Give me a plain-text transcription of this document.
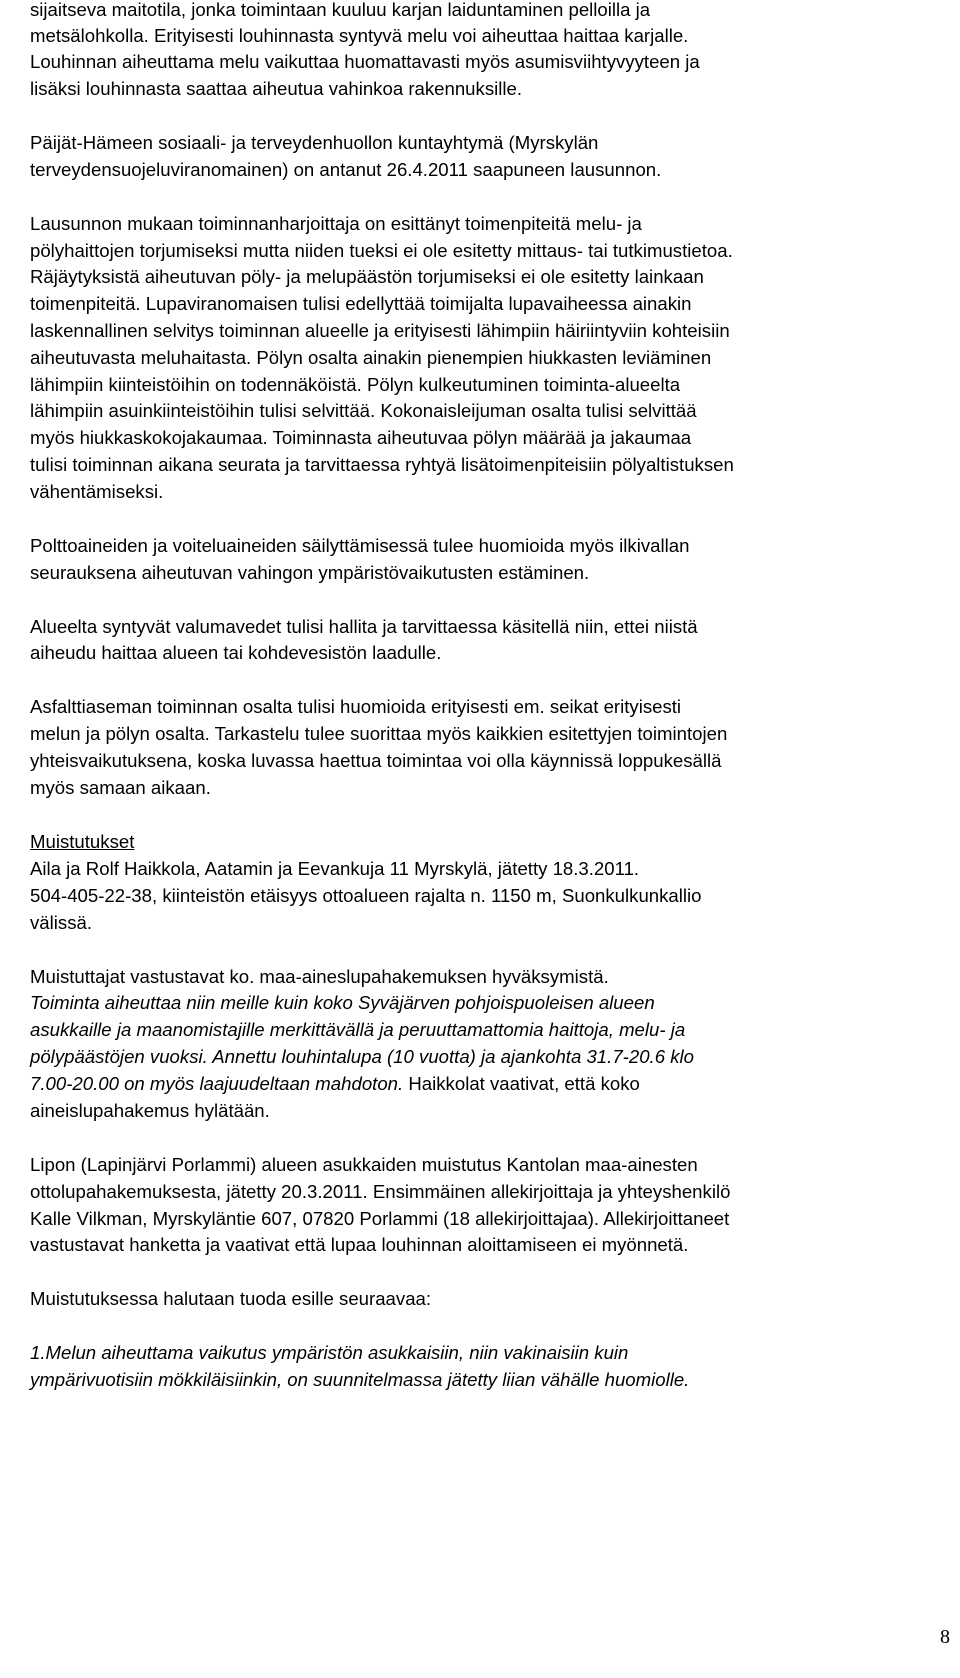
sijaitseva maitotila, jonka toimintaan kuuluu karjan laiduntaminen pelloilla ja
metsälohkolla. Erityisesti louhinnasta syntyvä melu voi aiheuttaa haittaa karjalle.
Louhinnan aiheuttama melu vaikuttaa huomattavasti myös asumisviihtyvyyteen ja
lisäksi louhinnasta saattaa aiheutua vahinkoa rakennuksille.
Päijät-Hämeen sosiaali- ja terveydenhuollon kuntayhtymä (Myrskylän
terveydensuojeluviranomainen) on antanut 26.4.2011 saapuneen lausunnon.
Lausunnon mukaan toiminnanharjoittaja on esittänyt toimenpiteitä melu- ja
pölyhaittojen torjumiseksi mutta niiden tueksi ei ole esitetty mittaus- tai tutkimustietoa.
Räjäytyksistä aiheutuvan pöly- ja melupäästön torjumiseksi ei ole esitetty lainkaan
toimenpiteitä. Lupaviranomaisen tulisi edellyttää toimijalta lupavaiheessa ainakin
laskennallinen selvitys toiminnan alueelle ja erityisesti lähimpiin häiriintyviin kohteisiin
aiheutuvasta meluhaitasta. Pölyn osalta ainakin pienempien hiukkasten leviäminen
lähimpiin kiinteistöihin on todennäköistä. Pölyn kulkeutuminen toiminta-alueelta
lähimpiin asuinkiinteistöihin tulisi selvittää. Kokonaisleijuman osalta tulisi selvittää
myös hiukkaskokojakaumaa. Toiminnasta aiheutuvaa pölyn määrää ja jakaumaa
tulisi toiminnan aikana seurata ja tarvittaessa ryhtyä lisätoimenpiteisiin pölyaltistuksen
vähentämiseksi.
Polttoaineiden ja voiteluaineiden säilyttämisessä tulee huomioida myös ilkivallan
seurauksena aiheutuvan vahingon ympäristövaikutusten estäminen.
Alueelta syntyvät valumavedet tulisi hallita ja tarvittaessa käsitellä niin, ettei niistä
aiheudu haittaa alueen tai kohdevesistön laadulle.
Asfalttiaseman toiminnan osalta tulisi huomioida erityisesti em. seikat erityisesti
melun ja pölyn osalta. Tarkastelu tulee suorittaa myös kaikkien esitettyjen toimintojen
yhteisvaikutuksena, koska luvassa haettua toimintaa voi olla käynnissä loppukesällä
myös samaan aikaan.
Muistutukset
Aila ja Rolf Haikkola, Aatamin ja Eevankuja 11 Myrskylä, jätetty 18.3.2011.
504-405-22-38, kiinteistön etäisyys ottoalueen rajalta n. 1150 m, Suonkulkunkallio
välissä.
Muistuttajat vastustavat ko. maa-aineslupahakemuksen hyväksymistä.
Toiminta aiheuttaa niin meille kuin koko Syväjärven pohjoispuoleisen alueen
asukkaille ja maanomistajille merkittävällä ja peruuttamattomia haittoja, melu- ja
pölypäästöjen vuoksi. Annettu louhintalupa (10 vuotta) ja ajankohta 31.7-20.6 klo
7.00-20.00 on myös laajuudeltaan mahdoton. Haikkolat vaativat, että koko
aineislupahakemus hylätään.
Lipon (Lapinjärvi Porlammi) alueen asukkaiden muistutus Kantolan maa-ainesten
ottolupahakemuksesta, jätetty 20.3.2011. Ensimmäinen allekirjoittaja ja yhteyshenkilö
Kalle Vilkman, Myrskyläntie 607, 07820 Porlammi (18 allekirjoittajaa). Allekirjoittaneet
vastustavat hanketta ja vaativat että lupaa louhinnan aloittamiseen ei myönnetä.
Muistutuksessa halutaan tuoda esille seuraavaa:
1.Melun aiheuttama vaikutus ympäristön asukkaisiin, niin vakinaisiin kuin
ympärivuotisiin mökkiläisiinkin, on suunnitelmassa jätetty liian vähälle huomiolle.
8
